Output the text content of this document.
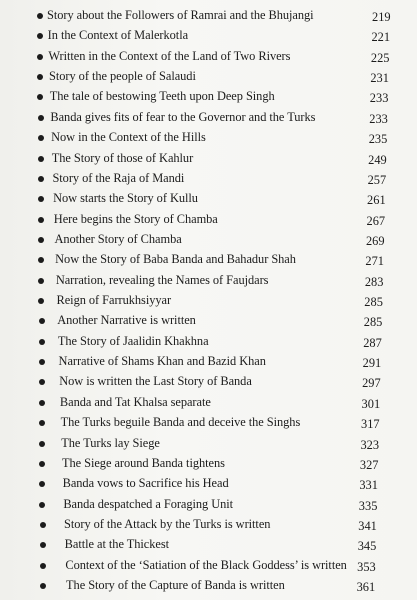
Story about the Followers of Ramrai and the Bhujangi	219
In the Context of Malerkotla	221
Written in the Context of the Land of Two Rivers	225
Story of the people of Salaudi	231
The tale of bestowing Teeth upon Deep Singh	233
Banda gives fits of fear to the Governor and the Turks	233
Now in the Context of the Hills	235
The Story of those of Kahlur	249
Story of the Raja of Mandi	257
Now starts the Story of Kullu	261
Here begins the Story of Chamba	267
Another Story of Chamba	269
Now the Story of Baba Banda and Bahadur Shah	271
Narration, revealing the Names of Faujdars	283
Reign of Farrukhsiyyar	285
Another Narrative is written	285
The Story of Jaalidin Khakhna	287
Narrative of Shams Khan and Bazid Khan	291
Now is written the Last Story of Banda	297
Banda and Tat Khalsa separate	301
The Turks beguile Banda and deceive the Singhs	317
The Turks lay Siege	323
The Siege around Banda tightens	327
Banda vows to Sacrifice his Head	331
Banda despatched a Foraging Unit	335
Story of the Attack by the Turks is written	341
Battle at the Thickest	345
Context of the ‘Satiation of the Black Goddess’ is written 353
The Story of the Capture of Banda is written	361
